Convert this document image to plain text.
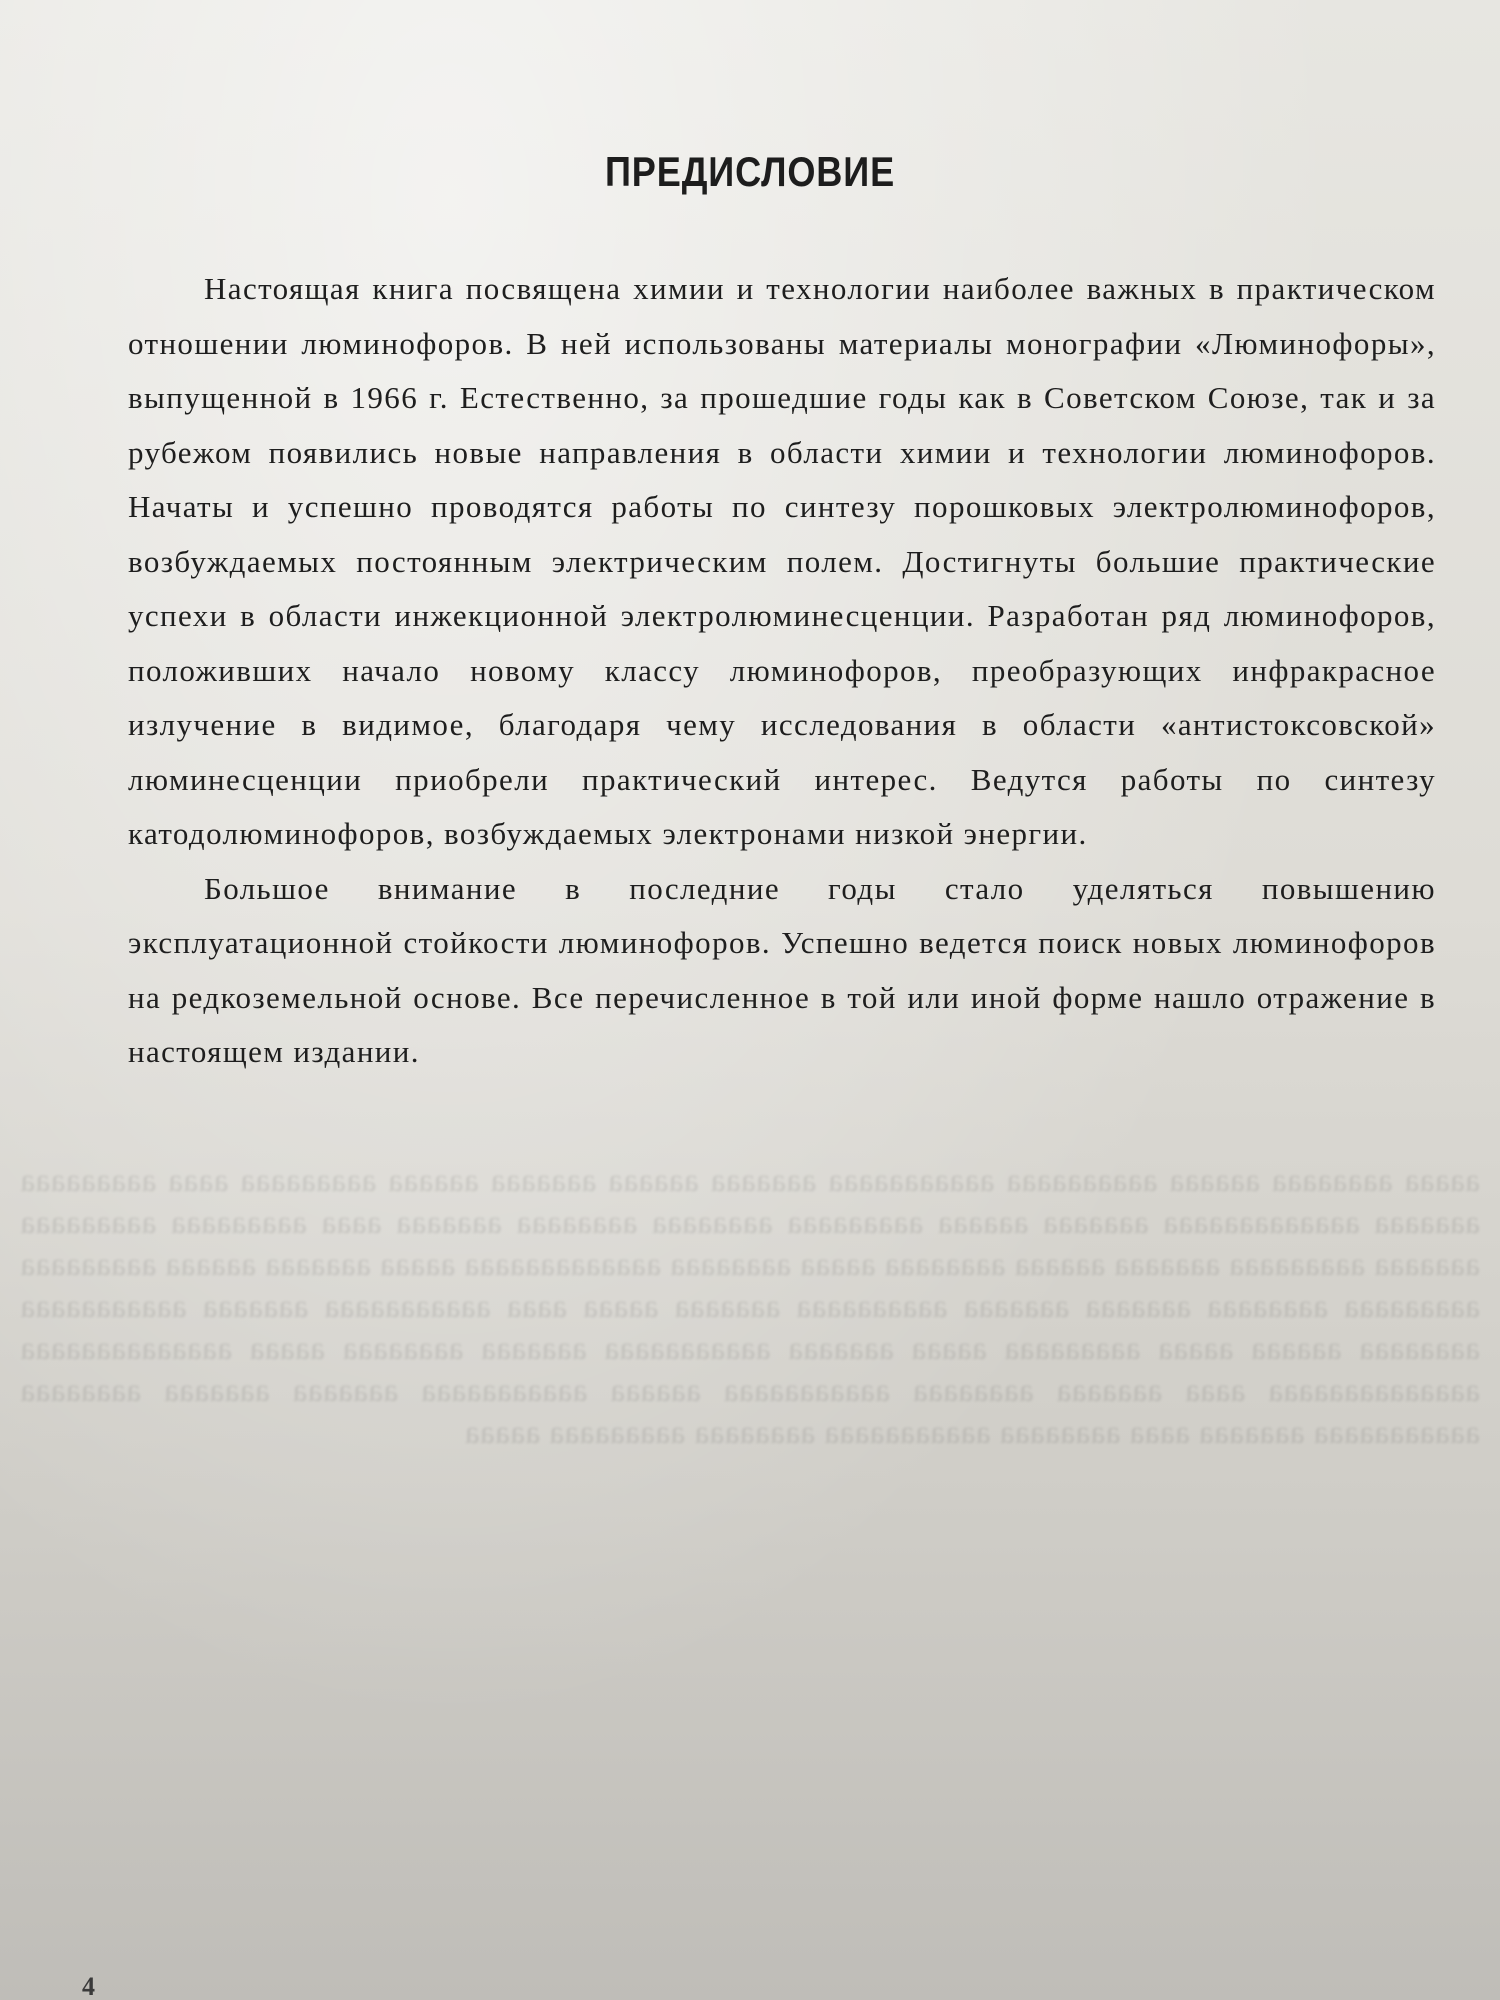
ааааа аааааааа аааааа аааааааааа ааааааааааа ааааааа аааааа ааааааа аааааа ааааааааа аааа ааааааааа ааааааа ааааааааааааа ааааааа аааааа ааааааааа аааааааа аааааааа ааааааа аааа ааааааааа ааааааааа ааааааа ааааааааа ааааааа аааааа аааааааа ааааа аааааааа ааааааааааааа ааааа ааааааа аааааа ааааааааа ааааааааа аааааааа ааааааа ааааааа аааааааааа ааааааа ааааа аааа ааааааааааа ааааааа ааааааааааа аааааааа аааааа ааааа ааааааааа ааааа ааааааа ааааааааааа ааааааа аааааааа ааааа аааааааааааааа аааааааааааааа аааа ааааааа аааааааа ааааааааааа аааааа ааааааааааа ааааааа ааааааа аааааааа ааааааааааа ааааааа аааа аааааааа ааааааааааа аааааааа ааааааааа ааааа
ПРЕДИСЛОВИЕ

Настоящая книга посвящена химии и технологии наиболее важных в практическом отношении люминофоров. В ней использованы материалы монографии «Люминофоры», выпущенной в 1966 г. Естественно, за прошедшие годы как в Советском Союзе, так и за рубежом появились новые направления в области химии и технологии люминофоров. Начаты и успешно проводятся работы по синтезу порошковых электролюминофоров, возбуждаемых постоянным электрическим полем. Достигнуты большие практические успехи в области инжекционной электролюминесценции. Разработан ряд люминофоров, положивших начало новому классу люминофоров, преобразующих инфракрасное излучение в видимое, благодаря чему исследования в области «антистоксовской» люминесценции приобрели практический интерес. Ведутся работы по синтезу катодолюминофоров, возбуждаемых электронами низкой энергии.

Большое внимание в последние годы стало уделяться повышению эксплуатационной стойкости люминофоров. Успешно ведется поиск новых люминофоров на редкоземельной основе. Все перечисленное в той или иной форме нашло отражение в настоящем издании.

4
